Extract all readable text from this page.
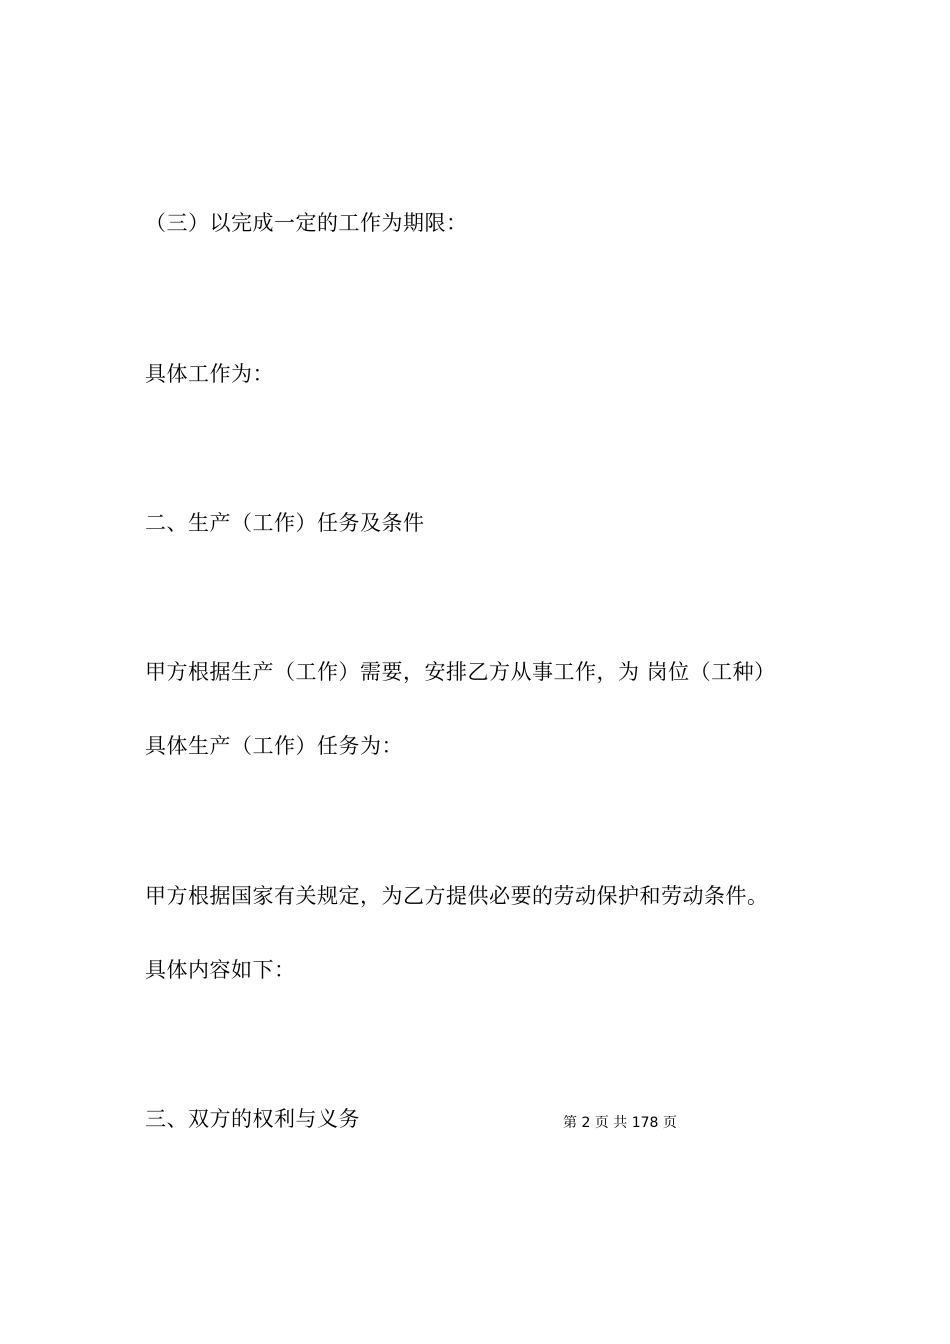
（三）以完成一定的工作为期限：
具体工作为：
二、生产（工作）任务及条件
甲方根据生产（工作）需要，安排乙方从事工作，为 岗位（工种）
具体生产（工作）任务为：
甲方根据国家有关规定，为乙方提供必要的劳动保护和劳动条件。
具体内容如下：
三、双方的权利与义务	第 2 页 共 178 页
